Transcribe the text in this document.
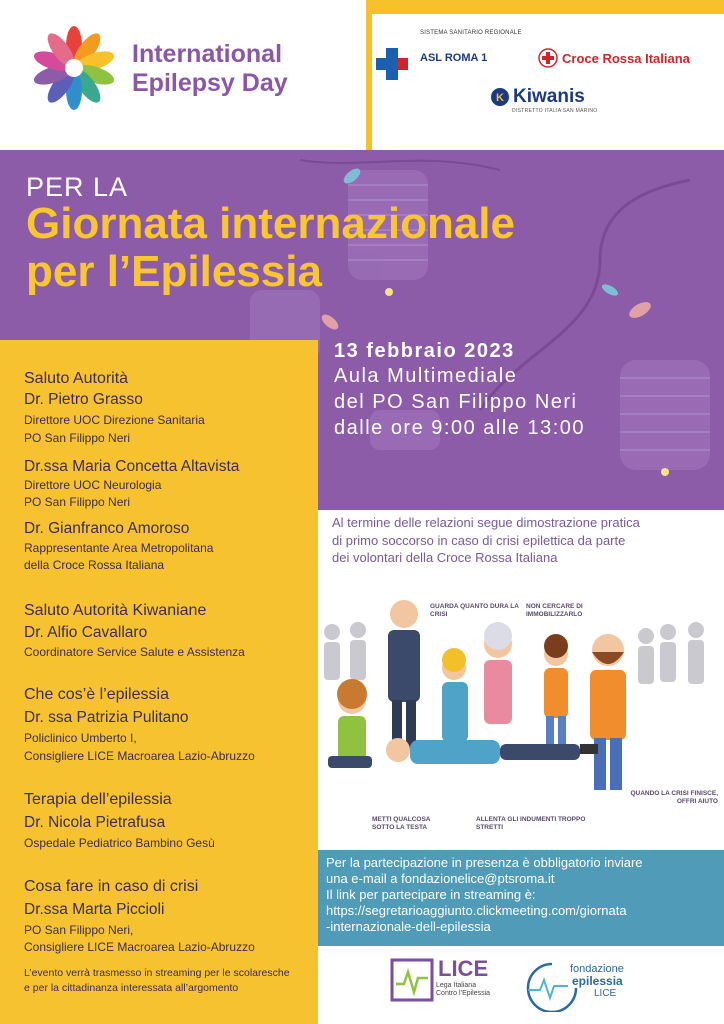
International
Epilepsy Day
SISTEMA SANITARIO REGIONALE
ASL ROMA 1	Croce Rossa Italiana
K Kiwanis
DISTRETTO ITALIA SAN MARINO
PER LA
Giornata internazionale
per l’Epilessia
13 febbraio 2023
Aula Multimediale
del PO San Filippo Neri
dalle ore 9:00 alle 13:00
Saluto Autorità
Dr. Pietro Grasso
Direttore UOC Direzione Sanitaria
PO San Filippo Neri
Dr.ssa Maria Concetta Altavista
Direttore UOC Neurologia
PO San Filippo Neri
Dr. Gianfranco Amoroso
Rappresentante Area Metropolitana
della Croce Rossa Italiana
Saluto Autorità Kiwaniane
Dr. Alfio Cavallaro
Coordinatore Service Salute e Assistenza
Che cos’è l’epilessia
Dr. ssa Patrizia Pulitano
Policlinico Umberto I,
Consigliere LICE Macroarea Lazio-Abruzzo
Terapia dell’epilessia
Dr. Nicola Pietrafusa
Ospedale Pediatrico Bambino Gesù
Cosa fare in caso di crisi
Dr.ssa Marta Piccioli
PO San Filippo Neri,
Consigliere LICE Macroarea Lazio-Abruzzo
L’evento verrà trasmesso in streaming per le scolaresche
e per la cittadinanza interessata all’argomento
Al termine delle relazioni segue dimostrazione pratica
di primo soccorso in caso di crisi epilettica da parte
dei volontari della Croce Rossa Italiana
GUARDA QUANTO DURA LA CRISI
NON CERCARE DI IMMOBILIZZARLO
METTI QUALCOSA SOTTO LA TESTA
ALLENTA GLI INDUMENTI TROPPO STRETTI
QUANDO LA CRISI FINISCE, OFFRI AIUTO
Per la partecipazione in presenza è obbligatorio inviare
una e-mail a fondazionelice@ptsroma.it
Il link per partecipare in streaming è:
https://segretarioaggiunto.clickmeeting.com/giornata
-internazionale-dell-epilessia
LICE
Lega Italiana
Contro l’Epilessia
fondazione
epilessia
LICE
